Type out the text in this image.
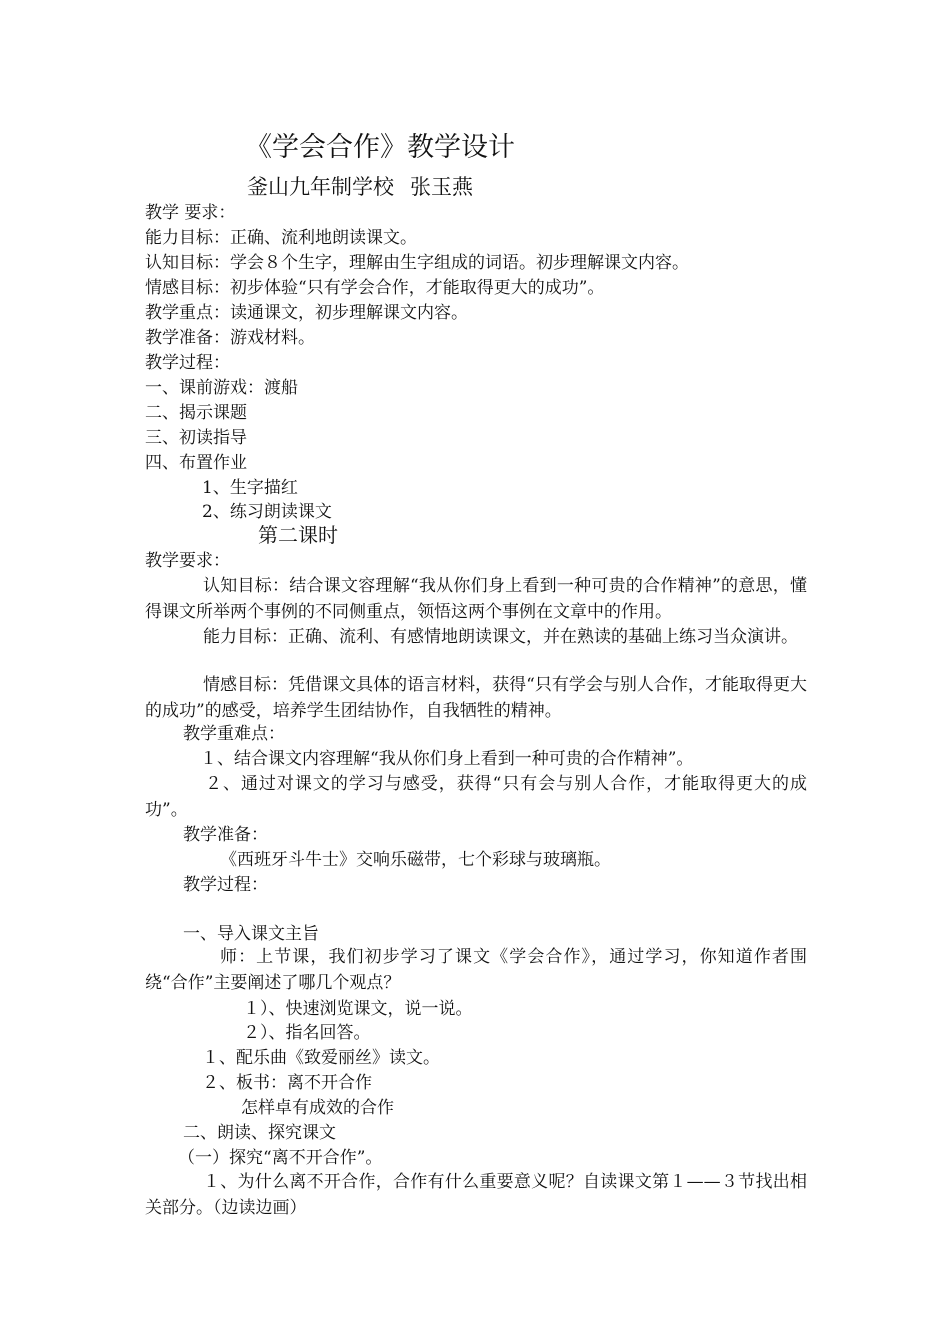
《学会合作》教学设计
釜山九年制学校 张玉燕
教学 要求：
能力目标：正确、流利地朗读课文。
认知目标：学会８个生字，理解由生字组成的词语。初步理解课文内容。
情感目标：初步体验“只有学会合作，才能取得更大的成功”。
教学重点：读通课文，初步理解课文内容。
教学准备：游戏材料。
教学过程：
一、课前游戏：渡船
二、揭示课题
三、初读指导
四、布置作业
1、生字描红
2、练习朗读课文
第二课时
教学要求：
认知目标：结合课文容理解“我从你们身上看到一种可贵的合作精神”的意思，懂得课文所举两个事例的不同侧重点，领悟这两个事例在文章中的作用。
能力目标：正确、流利、有感情地朗读课文，并在熟读的基础上练习当众演讲。
情感目标：凭借课文具体的语言材料，获得“只有学会与别人合作，才能取得更大的成功”的感受，培养学生团结协作，自我牺牲的精神。
教学重难点：
１、结合课文内容理解“我从你们身上看到一种可贵的合作精神”。
２、通过对课文的学习与感受，获得“只有会与别人合作，才能取得更大的成功”。
教学准备：
《西班牙斗牛士》交响乐磁带，七个彩球与玻璃瓶。
教学过程：
一、导入课文主旨
师：上节课，我们初步学习了课文《学会合作》，通过学习，你知道作者围绕“合作”主要阐述了哪几个观点？
１）、快速浏览课文，说一说。
２）、指名回答。
１、配乐曲《致爱丽丝》读文。
２、板书：离不开合作
怎样卓有成效的合作
二、朗读、探究课文
（一）探究“离不开合作”。
１、为什么离不开合作，合作有什么重要意义呢？自读课文第１——３节找出相关部分。（边读边画）
